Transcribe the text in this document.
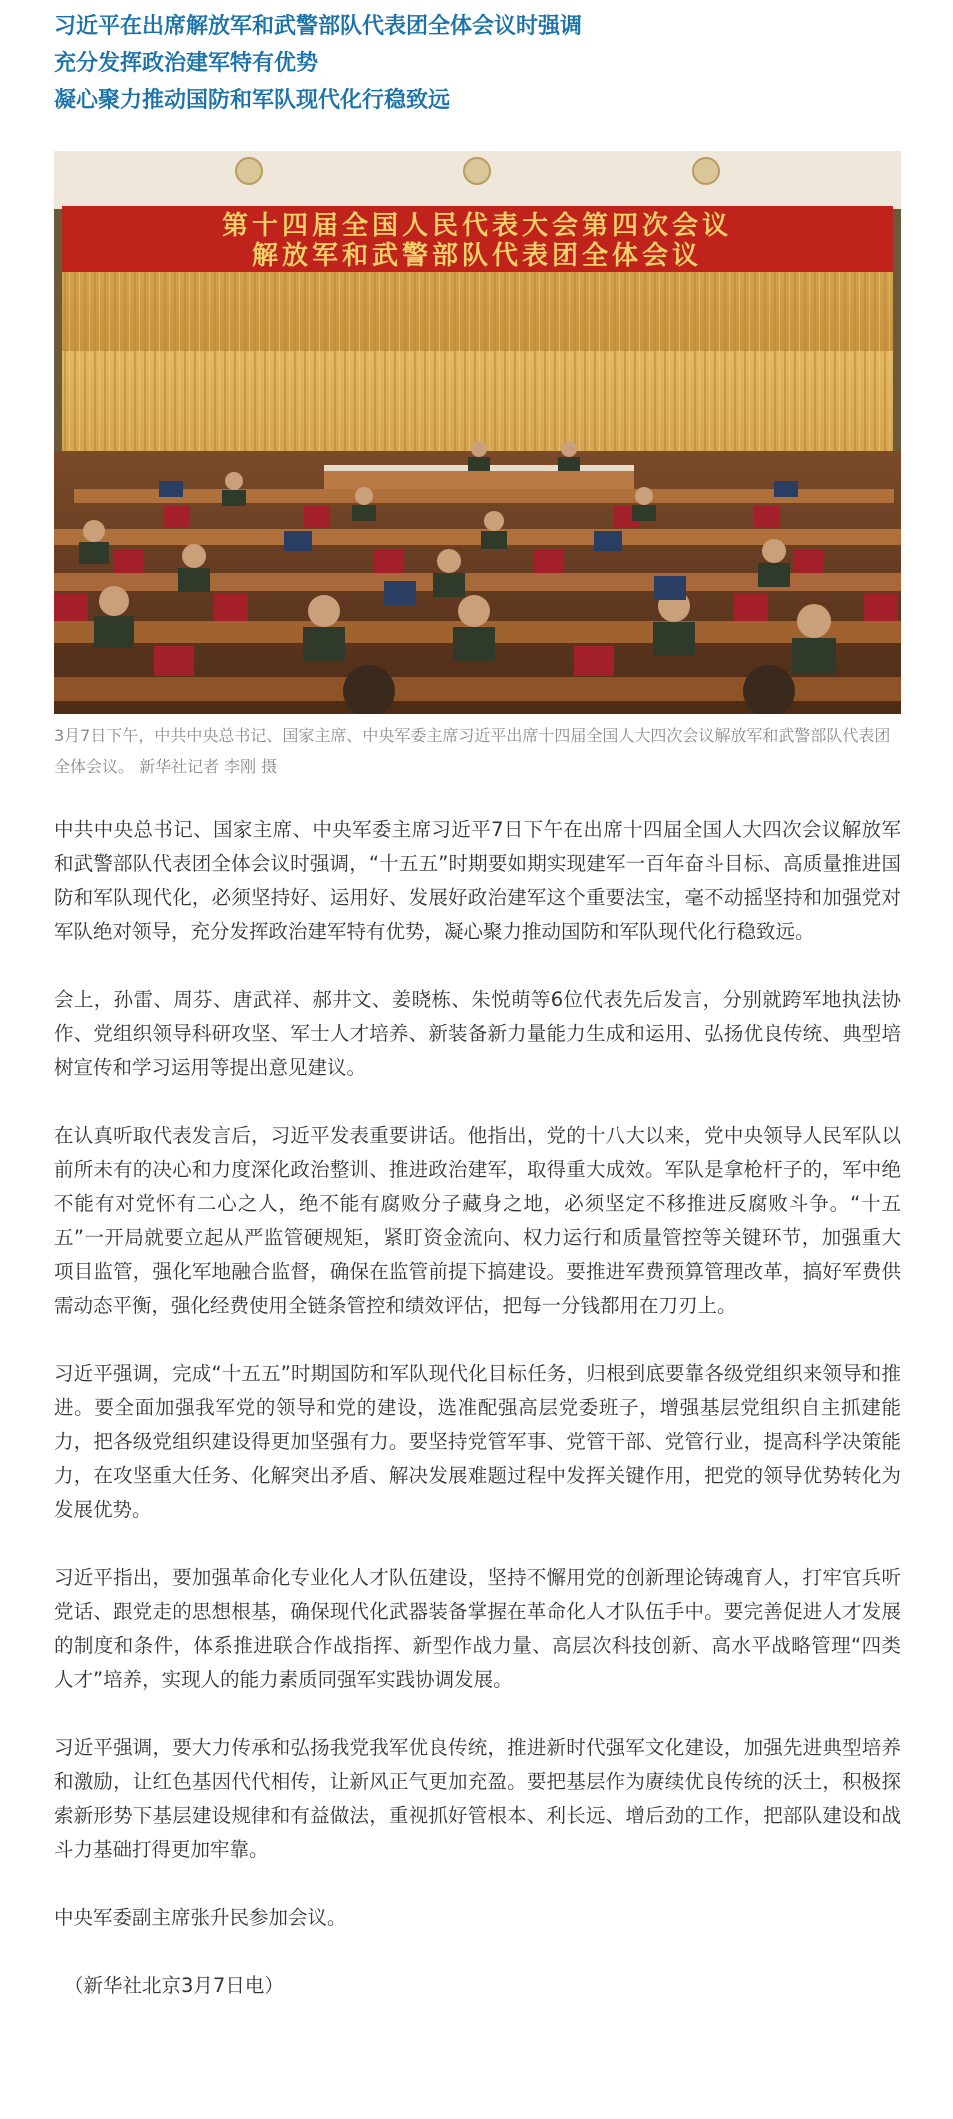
习近平在出席解放军和武警部队代表团全体会议时强调
充分发挥政治建军特有优势
凝心聚力推动国防和军队现代化行稳致远
第十四届全国人民代表大会第四次会议
解放军和武警部队代表团全体会议
3月7日下午，中共中央总书记、国家主席、中央军委主席习近平出席十四届全国人大四次会议解放军和武警部队代表团全体会议。 新华社记者 李刚 摄

中共中央总书记、国家主席、中央军委主席习近平7日下午在出席十四届全国人大四次会议解放军和武警部队代表团全体会议时强调，“十五五”时期要如期实现建军一百年奋斗目标、高质量推进国防和军队现代化，必须坚持好、运用好、发展好政治建军这个重要法宝，毫不动摇坚持和加强党对军队绝对领导，充分发挥政治建军特有优势，凝心聚力推动国防和军队现代化行稳致远。

会上，孙雷、周芬、唐武祥、郝井文、姜晓栋、朱悦萌等6位代表先后发言，分别就跨军地执法协作、党组织领导科研攻坚、军士人才培养、新装备新力量能力生成和运用、弘扬优良传统、典型培树宣传和学习运用等提出意见建议。

在认真听取代表发言后，习近平发表重要讲话。他指出，党的十八大以来，党中央领导人民军队以前所未有的决心和力度深化政治整训、推进政治建军，取得重大成效。军队是拿枪杆子的，军中绝不能有对党怀有二心之人，绝不能有腐败分子藏身之地，必须坚定不移推进反腐败斗争。“十五五”一开局就要立起从严监管硬规矩，紧盯资金流向、权力运行和质量管控等关键环节，加强重大项目监管，强化军地融合监督，确保在监管前提下搞建设。要推进军费预算管理改革，搞好军费供需动态平衡，强化经费使用全链条管控和绩效评估，把每一分钱都用在刀刃上。

习近平强调，完成“十五五”时期国防和军队现代化目标任务，归根到底要靠各级党组织来领导和推进。要全面加强我军党的领导和党的建设，选准配强高层党委班子，增强基层党组织自主抓建能力，把各级党组织建设得更加坚强有力。要坚持党管军事、党管干部、党管行业，提高科学决策能力，在攻坚重大任务、化解突出矛盾、解决发展难题过程中发挥关键作用，把党的领导优势转化为发展优势。

习近平指出，要加强革命化专业化人才队伍建设，坚持不懈用党的创新理论铸魂育人，打牢官兵听党话、跟党走的思想根基，确保现代化武器装备掌握在革命化人才队伍手中。要完善促进人才发展的制度和条件，体系推进联合作战指挥、新型作战力量、高层次科技创新、高水平战略管理“四类人才”培养，实现人的能力素质同强军实践协调发展。

习近平强调，要大力传承和弘扬我党我军优良传统，推进新时代强军文化建设，加强先进典型培养和激励，让红色基因代代相传，让新风正气更加充盈。要把基层作为赓续优良传统的沃土，积极探索新形势下基层建设规律和有益做法，重视抓好管根本、利长远、增后劲的工作，把部队建设和战斗力基础打得更加牢靠。

中央军委副主席张升民参加会议。

（新华社北京3月7日电）
